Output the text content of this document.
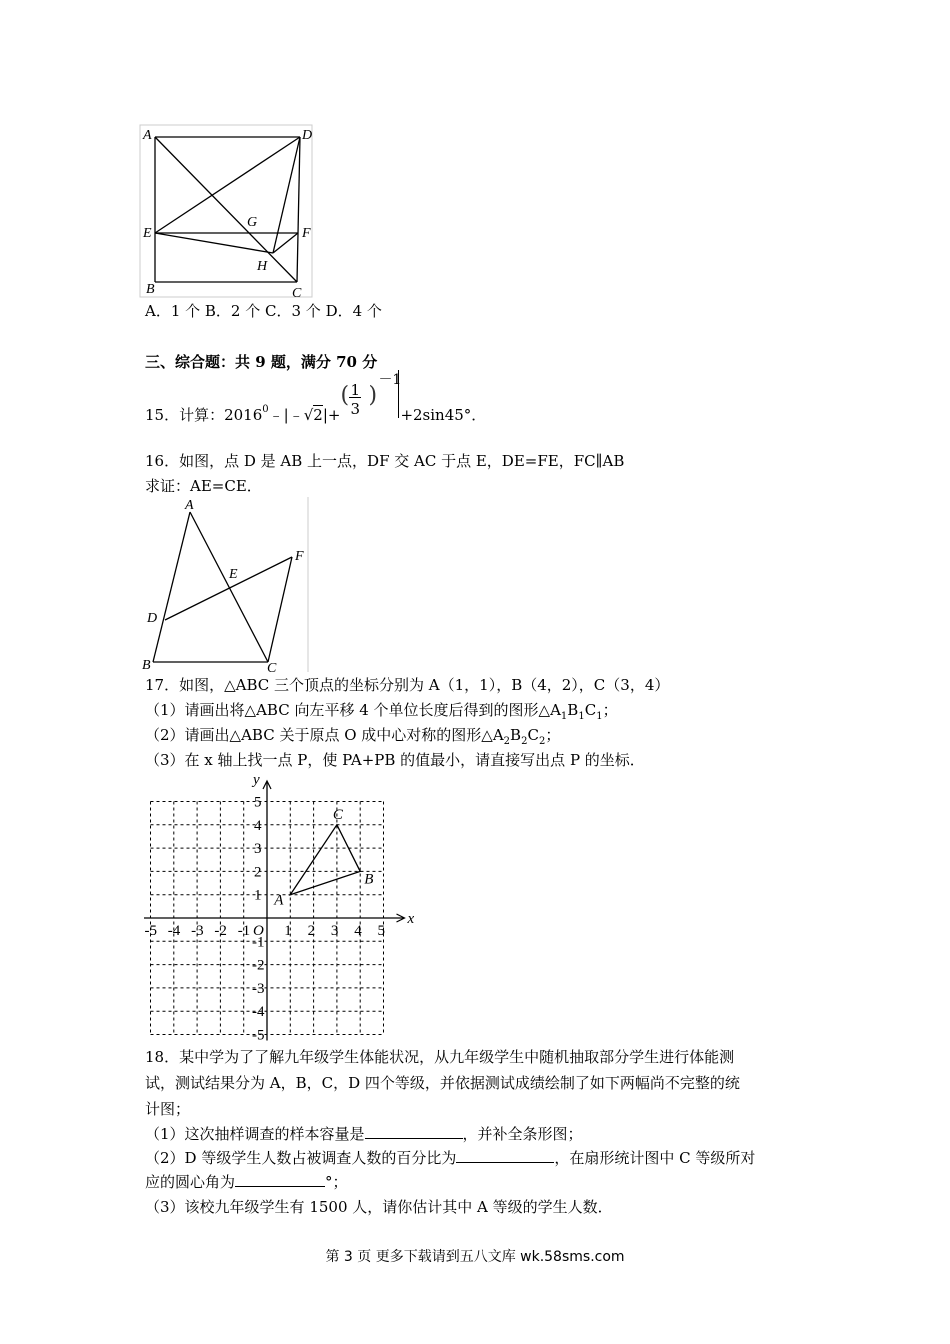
A	D
E	F
G
H
B	C
A．1 个 B．2 个 C．3 个 D．4 个
三、综合题：共 9 题，满分 70 分
15．计算：$2016^0﹣|﹣√2|+$
( 1
3
)
－1
+2sin45°．
16．如图，点 D 是 AB 上一点，DF 交 AC 于点 E，DE=FE，FC∥AB
求证：AE=CE．
A
E
F
D
B	C
17．如图，△ABC 三个顶点的坐标分别为 A（1，1），B（4，2），C（3，4）
（1）请画出将△ABC 向左平移 4 个单位长度后得到的图形$\triangle A_1B_1C_1$；
（2）请画出△ABC 关于原点 O 成中心对称的图形$\triangle A_2B_2C_2$；
（3）在 x 轴上找一点 P，使 PA+PB 的值最小，请直接写出点 P 的坐标．
x
y
O
-5 -4 -3 -2 -1 1 2 3 4 5
5
4
3
2
1
-1
-2
-3
-4
-5
A
B
C
18．某中学为了了解九年级学生体能状况，从九年级学生中随机抽取部分学生进行体能测
试，测试结果分为 A，B，C，D 四个等级，并依据测试成绩绘制了如下两幅尚不完整的统
计图；
（1）这次抽样调查的样本容量是	，并补全条形图；
（2）D 等级学生人数占被调查人数的百分比为	，在扇形统计图中 C 等级所对
应的圆心角为	°；
（3）该校九年级学生有 1500 人，请你估计其中 A 等级的学生人数．
第 3 页 更多下载请到五八文库 wk.58sms.com
